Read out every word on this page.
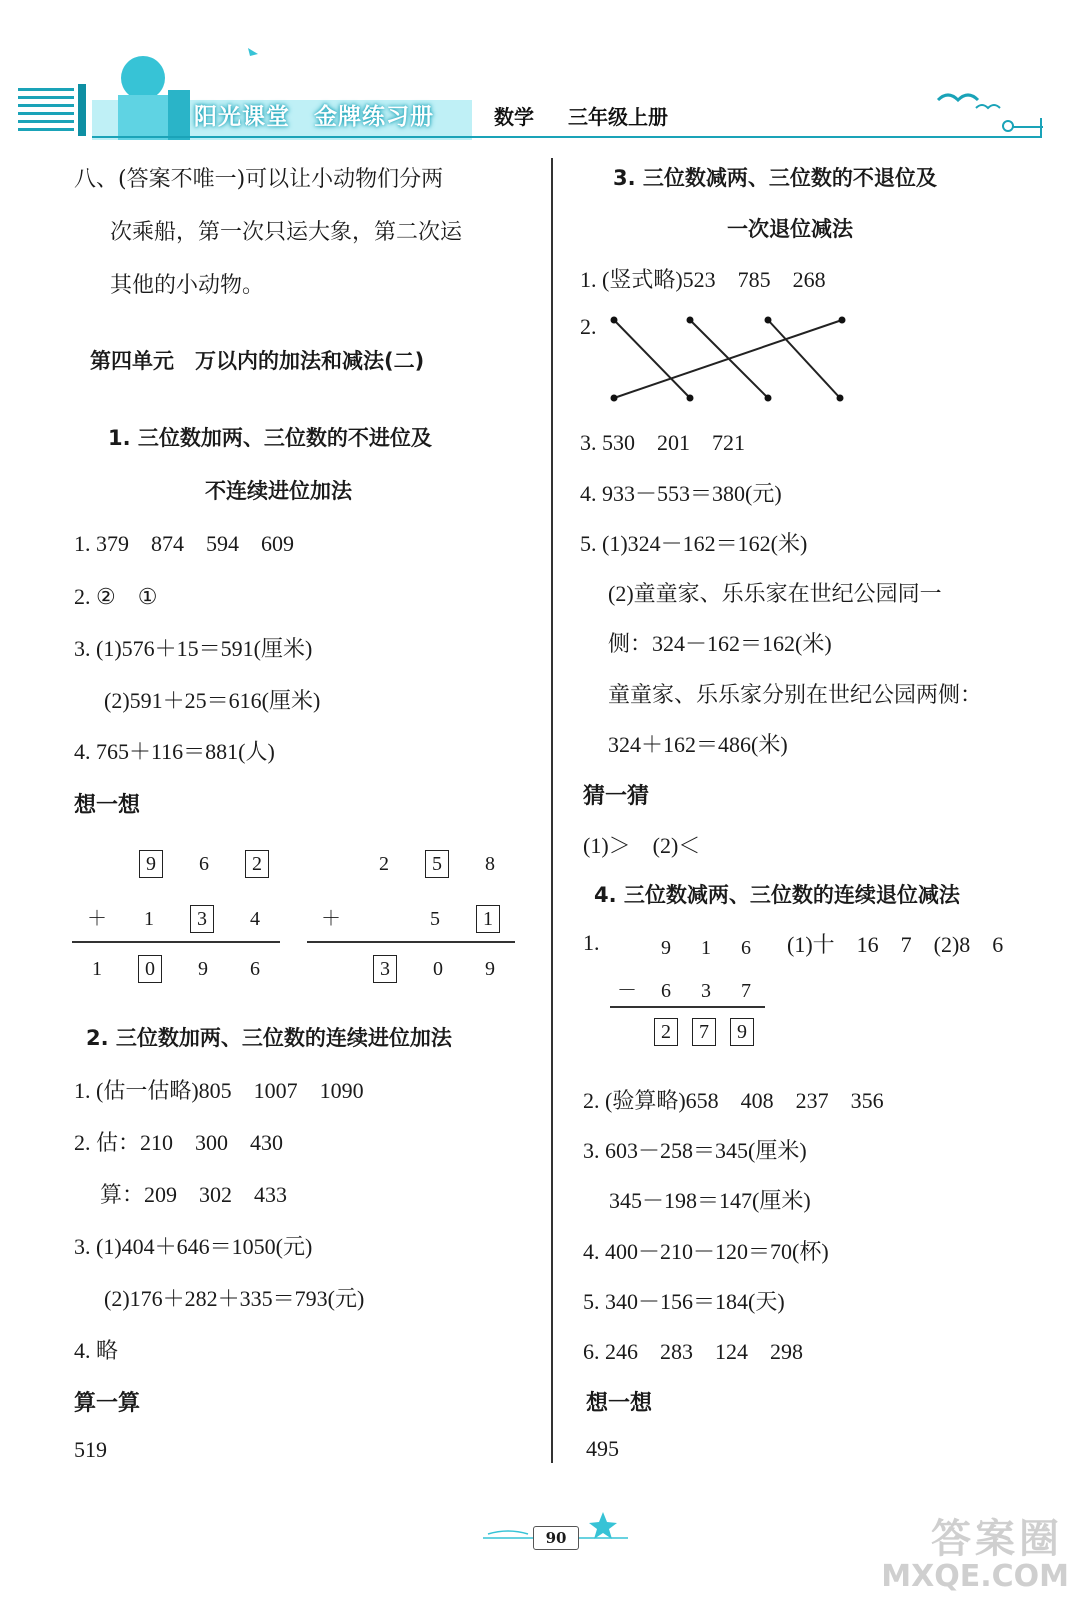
阳光课堂　金牌练习册	数学 三年级上册
八、(答案不唯一)可以让小动物们分两
次乘船，第一次只运大象，第二次运
其他的小动物。
第四单元　万以内的加法和减法(二)
1. 三位数加两、三位数的不进位及
不连续进位加法
1. 379　874　594　609
2. ②　①
3. (1)576＋15＝591(厘米)
(2)591＋25＝616(厘米)
4. 765＋116＝881(人)
想一想
9 6 2
＋ 1 3 4
1 0 9 6
2 5 8
＋	5 1
3 0 9
2. 三位数加两、三位数的连续进位加法
1. (估一估略)805　1007　1090
2. 估：210　300　430
算：209　302　433
3. (1)404＋646＝1050(元)
(2)176＋282＋335＝793(元)
4. 略
算一算
519
3. 三位数减两、三位数的不退位及
一次退位减法
1. (竖式略)523　785　268
2.
3. 530　201　721
4. 933－553＝380(元)
5. (1)324－162＝162(米)
(2)童童家、乐乐家在世纪公园同一
侧：324－162＝162(米)
童童家、乐乐家分别在世纪公园两侧：
324＋162＝486(米)
猜一猜
(1)＞　(2)＜
4. 三位数减两、三位数的连续退位减法
1.	9 1 6
－ 6 3 7
2 7 9
(1)十　16　7　(2)8　6
2. (验算略)658　408　237　356
3. 603－258＝345(厘米)
345－198＝147(厘米)
4. 400－210－120＝70(杯)
5. 340－156＝184(天)
6. 246　283　124　298
想一想
495
90	答案圈
MXQE.COM
